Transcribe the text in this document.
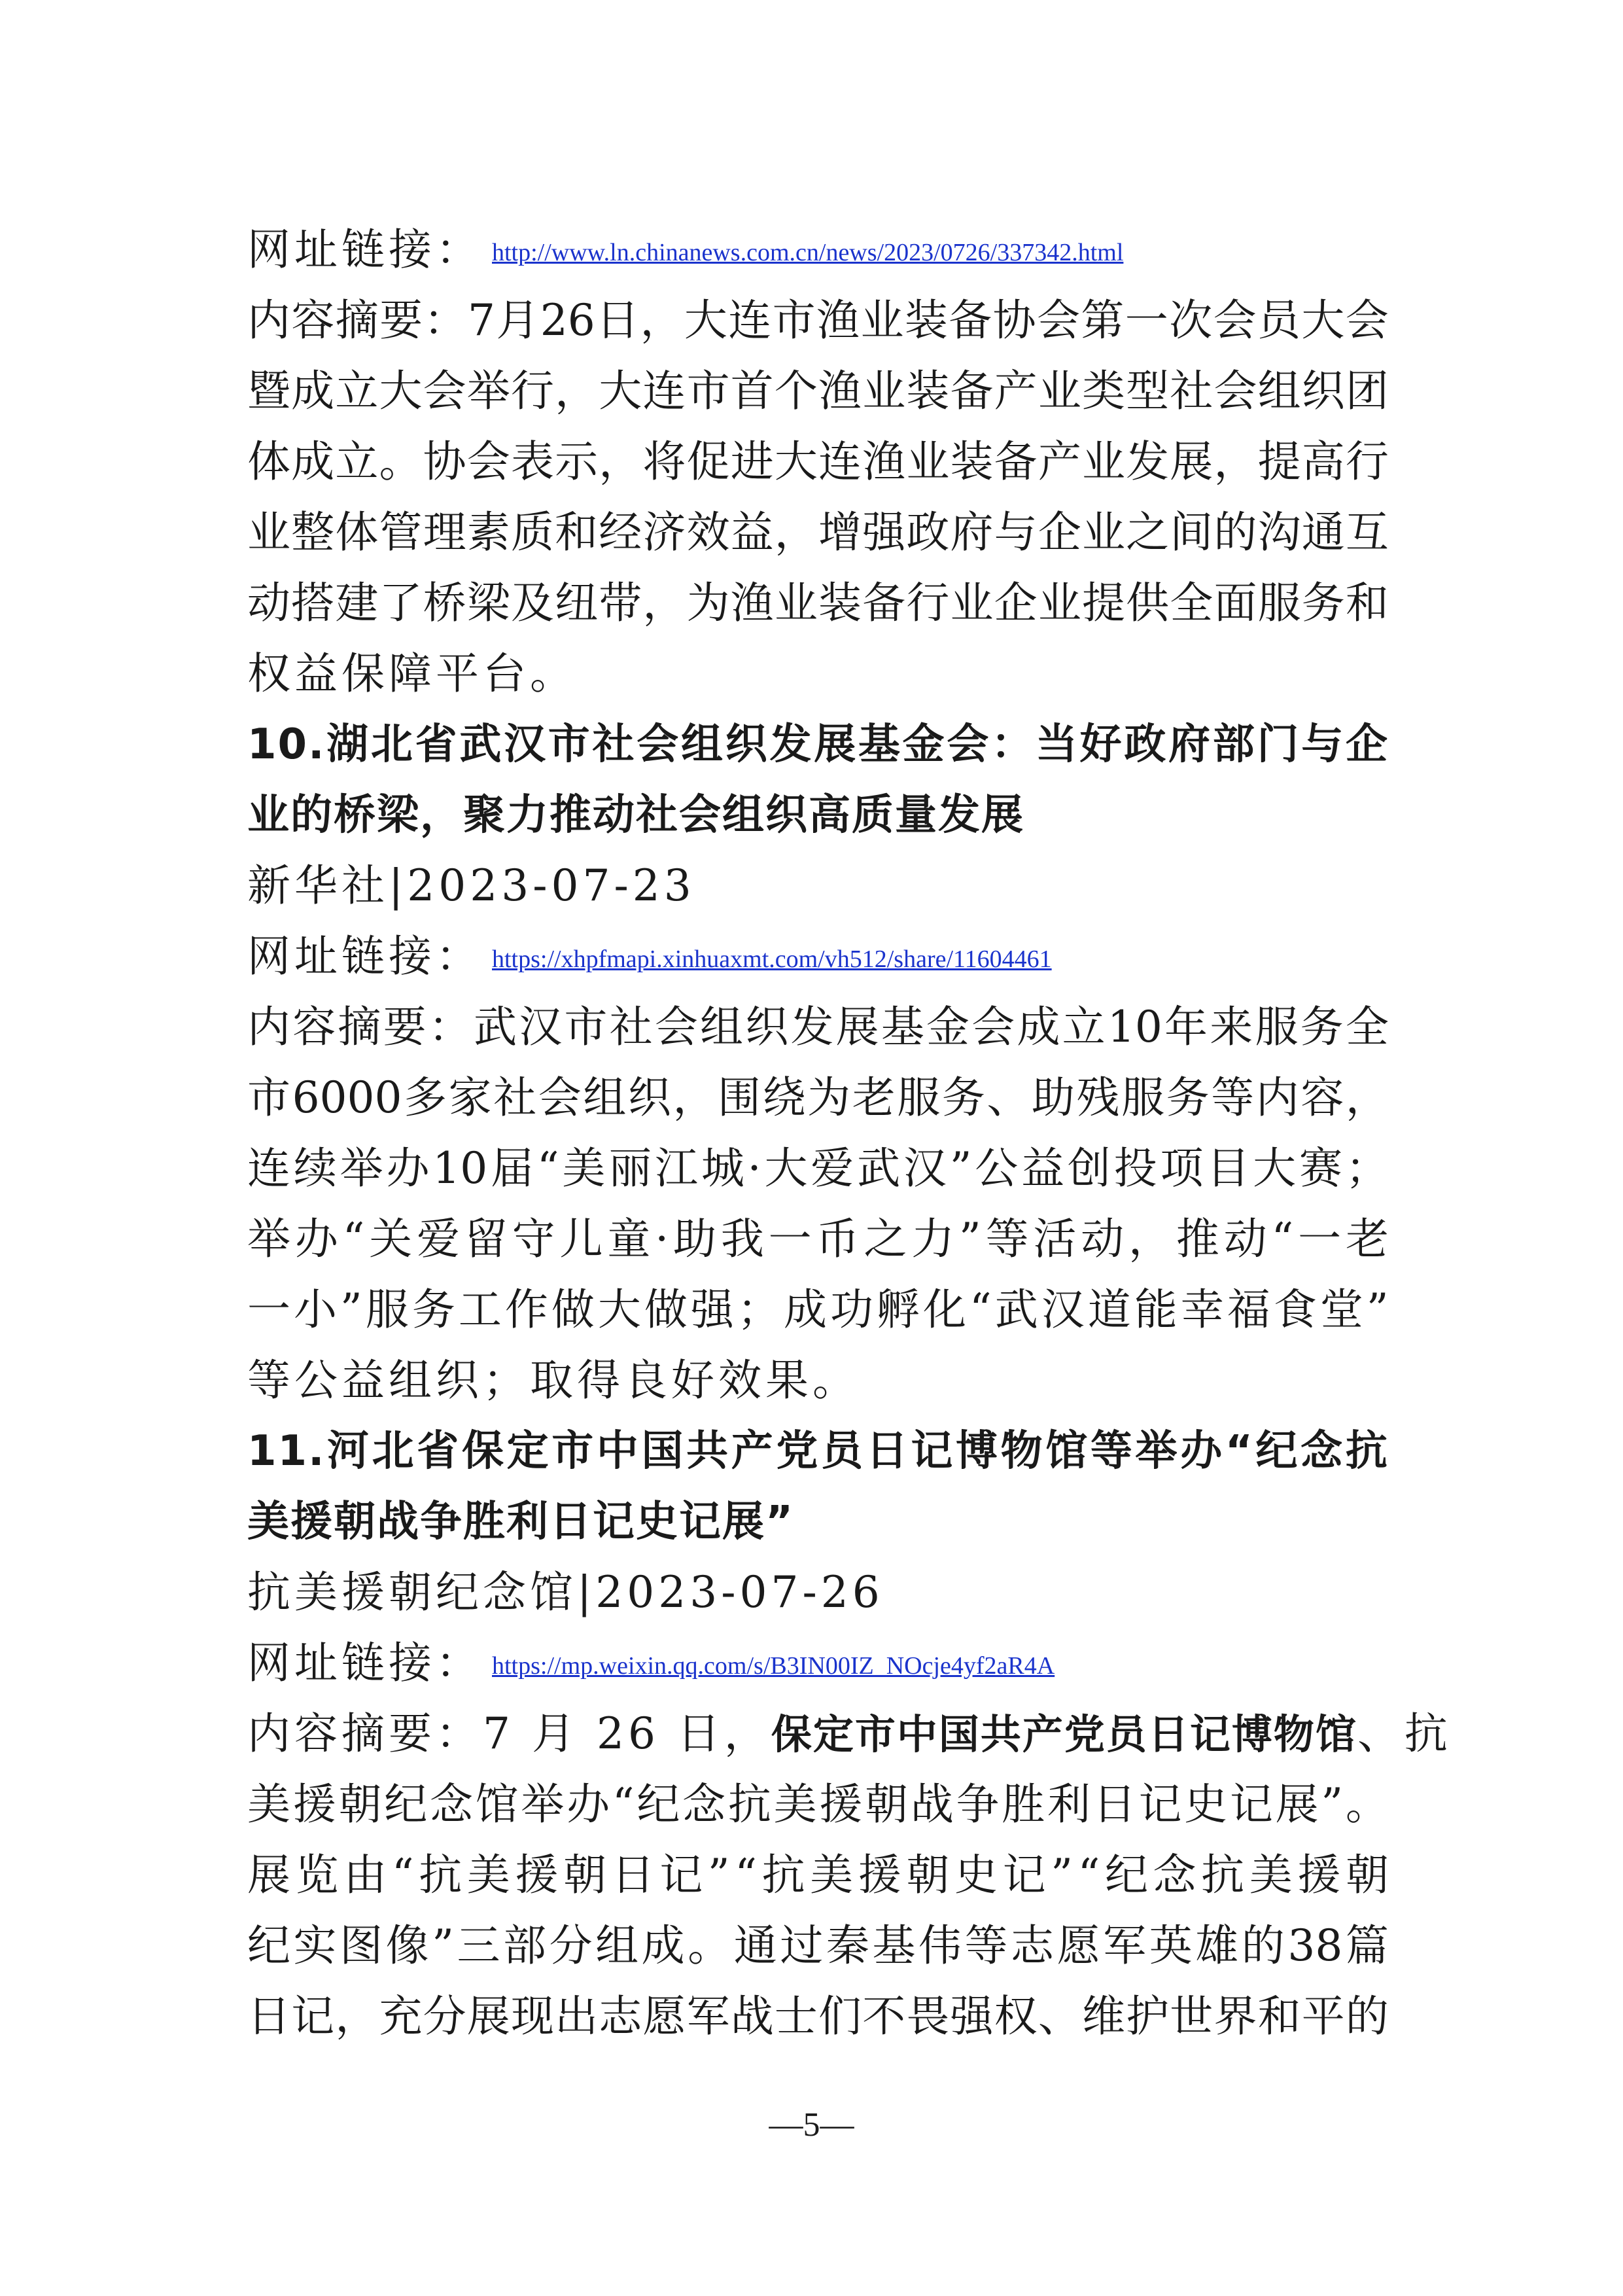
网址链接： http://www.ln.chinanews.com.cn/news/2023/0726/337342.html
内 容 摘 要 ： 7 月 26 日 ， 大 连 市 渔 业 装 备 协 会 第 一 次 会 员 大 会
暨 成 立 大 会 举 行 ， 大 连 市 首 个 渔 业 装 备 产 业 类 型 社 会 组 织 团
体 成 立 。 协 会 表 示 ， 将 促 进 大 连 渔 业 装 备 产 业 发 展 ， 提 高 行
业 整 体 管 理 素 质 和 经 济 效 益 ， 增 强 政 府 与 企 业 之 间 的 沟 通 互
动 搭 建 了 桥 梁 及 纽 带 ， 为 渔 业 装 备 行 业 企 业 提 供 全 面 服 务 和
权益保障平台。
10. 湖 北 省 武 汉 市 社 会 组 织 发 展 基 金 会 ： 当 好 政 府 部 门 与 企
业的桥梁，聚力推动社会组织高质量发展
新华社|2023-07-23
网址链接： https://xhpfmapi.xinhuaxmt.com/vh512/share/11604461
内 容 摘 要 ： 武 汉 市 社 会 组 织 发 展 基 金 会 成 立 10 年 来 服 务 全
市 6000 多 家 社 会 组 织 ， 围 绕 为 老 服 务 、 助 残 服 务 等 内 容 ，
连 续 举 办 10 届 “ 美 丽 江 城 · 大 爱 武 汉 ” 公 益 创 投 项 目 大 赛 ；
举 办 “ 关 爱 留 守 儿 童 · 助 我 一 币 之 力 ” 等 活 动 ， 推 动 “ 一 老
一 小 ” 服 务 工 作 做 大 做 强 ； 成 功 孵 化 “ 武 汉 道 能 幸 福 食 堂 ”
等公益组织；取得良好效果。
11. 河 北 省 保 定 市 中 国 共 产 党 员 日 记 博 物 馆 等 举 办 “ 纪 念 抗
美援朝战争胜利日记史记展”
抗美援朝纪念馆|2023-07-26
网址链接： https://mp.weixin.qq.com/s/B3IN00IZ_NOcje4yf2aR4A
内容摘要：7 月 26 日，保定市中国共产党员日记博物馆、抗
美 援 朝 纪 念 馆 举 办 “ 纪 念 抗 美 援 朝 战 争 胜 利 日 记 史 记 展 ” 。
展 览 由 “ 抗 美 援 朝 日 记 ” “ 抗 美 援 朝 史 记 ” “ 纪 念 抗 美 援 朝
纪 实 图 像 ” 三 部 分 组 成 。 通 过 秦 基 伟 等 志 愿 军 英 雄 的 38 篇
日 记 ， 充 分 展 现 出 志 愿 军 战 士 们 不 畏 强 权 、 维 护 世 界 和 平 的
—5—
